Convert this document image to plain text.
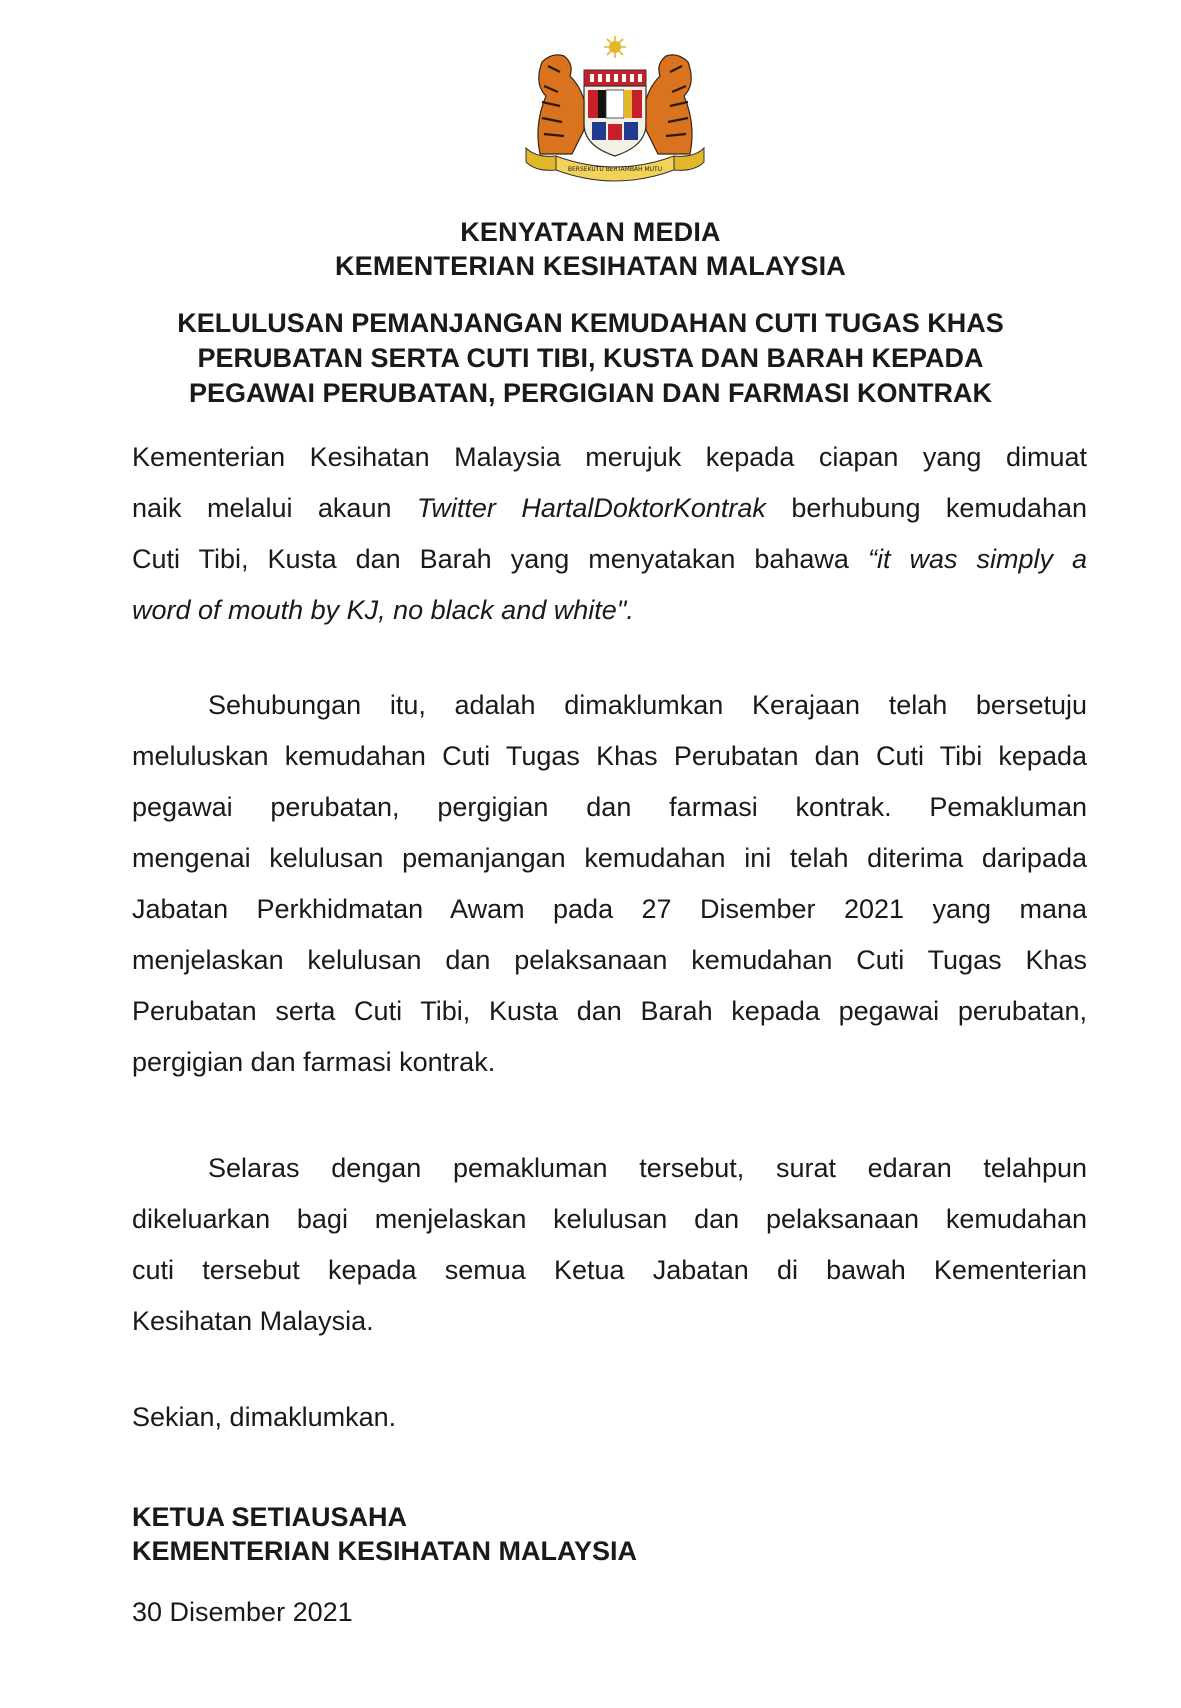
BERSEKUTU BERTAMBAH MUTU
KENYATAAN MEDIA
KEMENTERIAN KESIHATAN MALAYSIA
KELULUSAN PEMANJANGAN KEMUDAHAN CUTI TUGAS KHAS
PERUBATAN SERTA CUTI TIBI, KUSTA DAN BARAH KEPADA
PEGAWAI PERUBATAN, PERGIGIAN DAN FARMASI KONTRAK
Kementerian Kesihatan Malaysia merujuk kepada ciapan yang dimuat
naik melalui akaun Twitter HartalDoktorKontrak berhubung kemudahan
Cuti Tibi, Kusta dan Barah yang menyatakan bahawa “it was simply a
word of mouth by KJ, no black and white".
Sehubungan itu, adalah dimaklumkan Kerajaan telah bersetuju
meluluskan kemudahan Cuti Tugas Khas Perubatan dan Cuti Tibi kepada
pegawai perubatan, pergigian dan farmasi kontrak. Pemakluman
mengenai kelulusan pemanjangan kemudahan ini telah diterima daripada
Jabatan Perkhidmatan Awam pada 27 Disember 2021 yang mana
menjelaskan kelulusan dan pelaksanaan kemudahan Cuti Tugas Khas
Perubatan serta Cuti Tibi, Kusta dan Barah kepada pegawai perubatan,
pergigian dan farmasi kontrak.
Selaras dengan pemakluman tersebut, surat edaran telahpun
dikeluarkan bagi menjelaskan kelulusan dan pelaksanaan kemudahan
cuti tersebut kepada semua Ketua Jabatan di bawah Kementerian
Kesihatan Malaysia.
Sekian, dimaklumkan.
KETUA SETIAUSAHA
KEMENTERIAN KESIHATAN MALAYSIA
30 Disember 2021
